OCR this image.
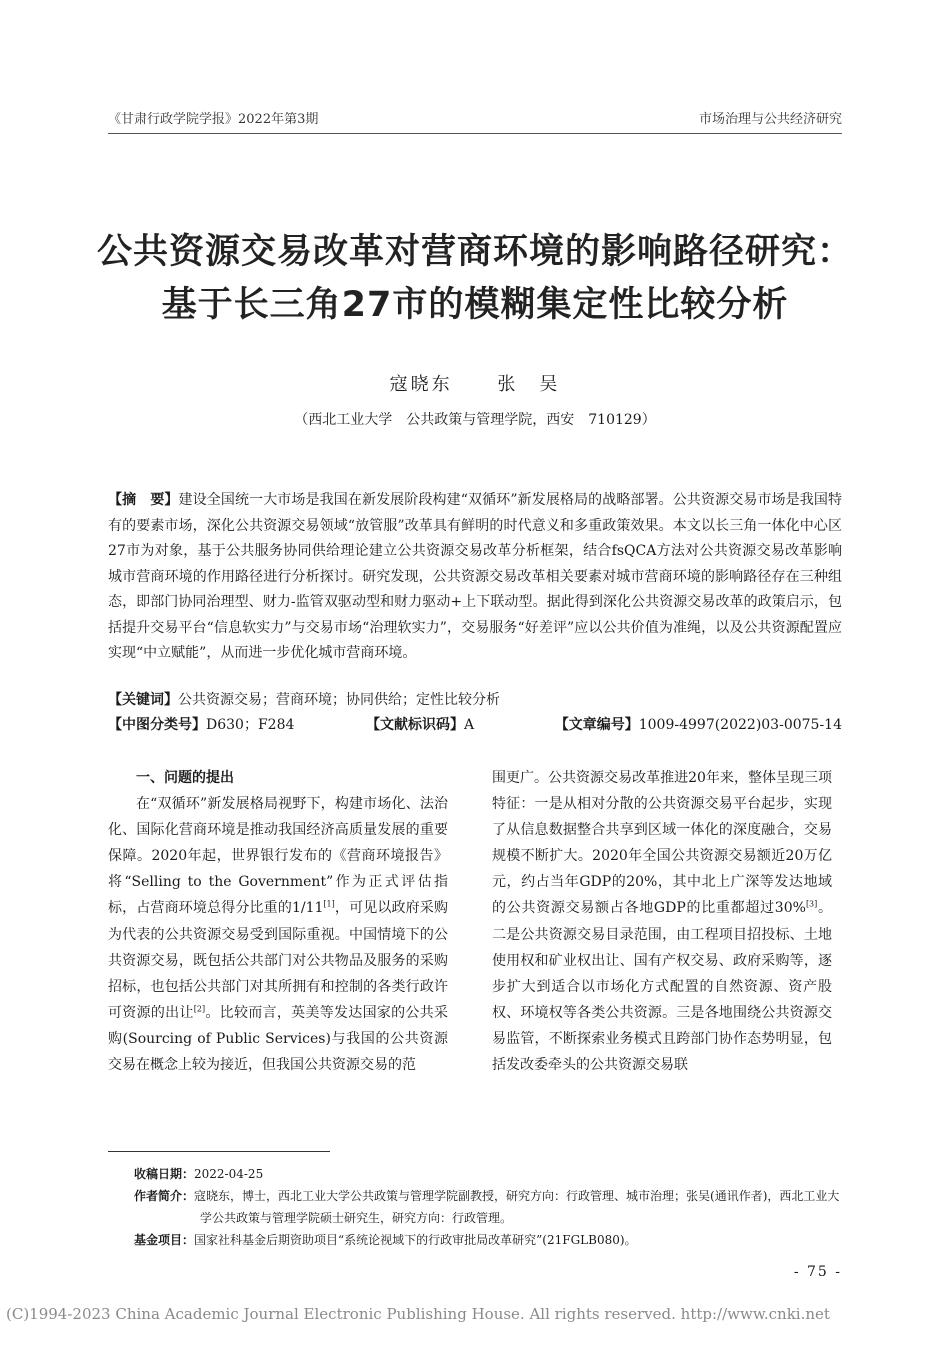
《甘肃行政学院学报》2022年第3期	市场治理与公共经济研究
公共资源交易改革对营商环境的影响路径研究：
基于长三角27市的模糊集定性比较分析
寇晓东 张　吴
（西北工业大学　公共政策与管理学院，西安　710129）
【摘　要】建设全国统一大市场是我国在新发展阶段构建“双循环”新发展格局的战略部署。公共资源交易市场是我国特有的要素市场，深化公共资源交易领域“放管服”改革具有鲜明的时代意义和多重政策效果。本文以长三角一体化中心区27市为对象，基于公共服务协同供给理论建立公共资源交易改革分析框架，结合fsQCA方法对公共资源交易改革影响城市营商环境的作用路径进行分析探讨。研究发现，公共资源交易改革相关要素对城市营商环境的影响路径存在三种组态，即部门协同治理型、财力-监管双驱动型和财力驱动+上下联动型。据此得到深化公共资源交易改革的政策启示，包括提升交易平台“信息软实力”与交易市场“治理软实力”，交易服务“好差评”应以公共价值为准绳，以及公共资源配置应实现“中立赋能”，从而进一步优化城市营商环境。
【关键词】公共资源交易；营商环境；协同供给；定性比较分析
【中图分类号】D630；F284	【文献标识码】A	【文章编号】1009-4997(2022)03-0075-14

一、问题的提出

在“双循环”新发展格局视野下，构建市场化、法治化、国际化营商环境是推动我国经济高质量发展的重要保障。2020年起，世界银行发布的《营商环境报告》将“Selling to the Government”作为正式评估指标，占营商环境总得分比重的1/11[1]，可见以政府采购为代表的公共资源交易受到国际重视。中国情境下的公共资源交易，既包括公共部门对公共物品及服务的采购招标，也包括公共部门对其所拥有和控制的各类行政许可资源的出让[2]。比较而言，英美等发达国家的公共采购(Sourcing of Public Services)与我国的公共资源交易在概念上较为接近，但我国公共资源交易的范

围更广。公共资源交易改革推进20年来，整体呈现三项特征：一是从相对分散的公共资源交易平台起步，实现了从信息数据整合共享到区域一体化的深度融合，交易规模不断扩大。2020年全国公共资源交易额近20万亿元，约占当年GDP的20%，其中北上广深等发达地域的公共资源交易额占各地GDP的比重都超过30%[3]。二是公共资源交易目录范围，由工程项目招投标、土地使用权和矿业权出让、国有产权交易、政府采购等，逐步扩大到适合以市场化方式配置的自然资源、资产股权、环境权等各类公共资源。三是各地围绕公共资源交易监管，不断探索业务模式且跨部门协作态势明显，包括发改委牵头的公共资源交易联

收稿日期：2022-04-25
作者简介：寇晓东，博士，西北工业大学公共政策与管理学院副教授，研究方向：行政管理、城市治理；张吴(通讯作者)，西北工业大学公共政策与管理学院硕士研究生，研究方向：行政管理。
基金项目：国家社科基金后期资助项目“系统论视域下的行政审批局改革研究”(21FGLB080)。
- 75 -
(C)1994-2023 China Academic Journal Electronic Publishing House. All rights reserved. http://www.cnki.net
